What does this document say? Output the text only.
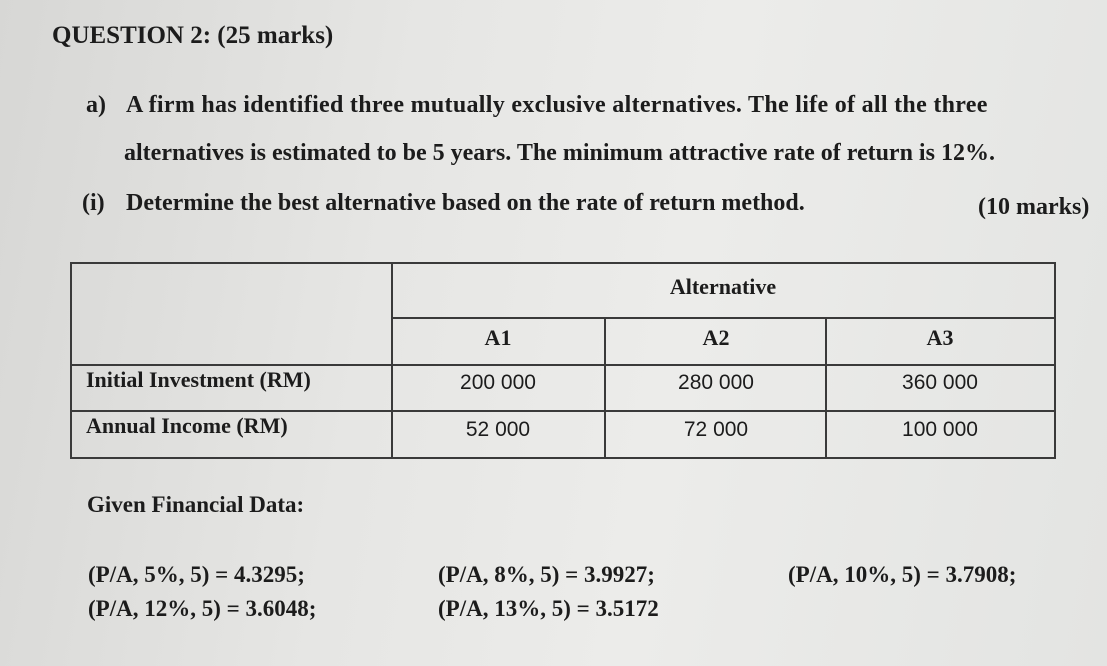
QUESTION 2: (25 marks)
a) A firm has identified three mutually exclusive alternatives. The life of all the three
alternatives is estimated to be 5 years. The minimum attractive rate of return is 12%.
(i) Determine the best alternative based on the rate of return method.	(10 marks)
Alternative
A1	A2	A3
Initial Investment (RM)	200 000	280 000	360 000
Annual Income (RM)	52 000	72 000	100 000
Given Financial Data:
(P/A, 5%, 5) = 4.3295;	(P/A, 8%, 5) = 3.9927;	(P/A, 10%, 5) = 3.7908;
(P/A, 12%, 5) = 3.6048;	(P/A, 13%, 5) = 3.5172
